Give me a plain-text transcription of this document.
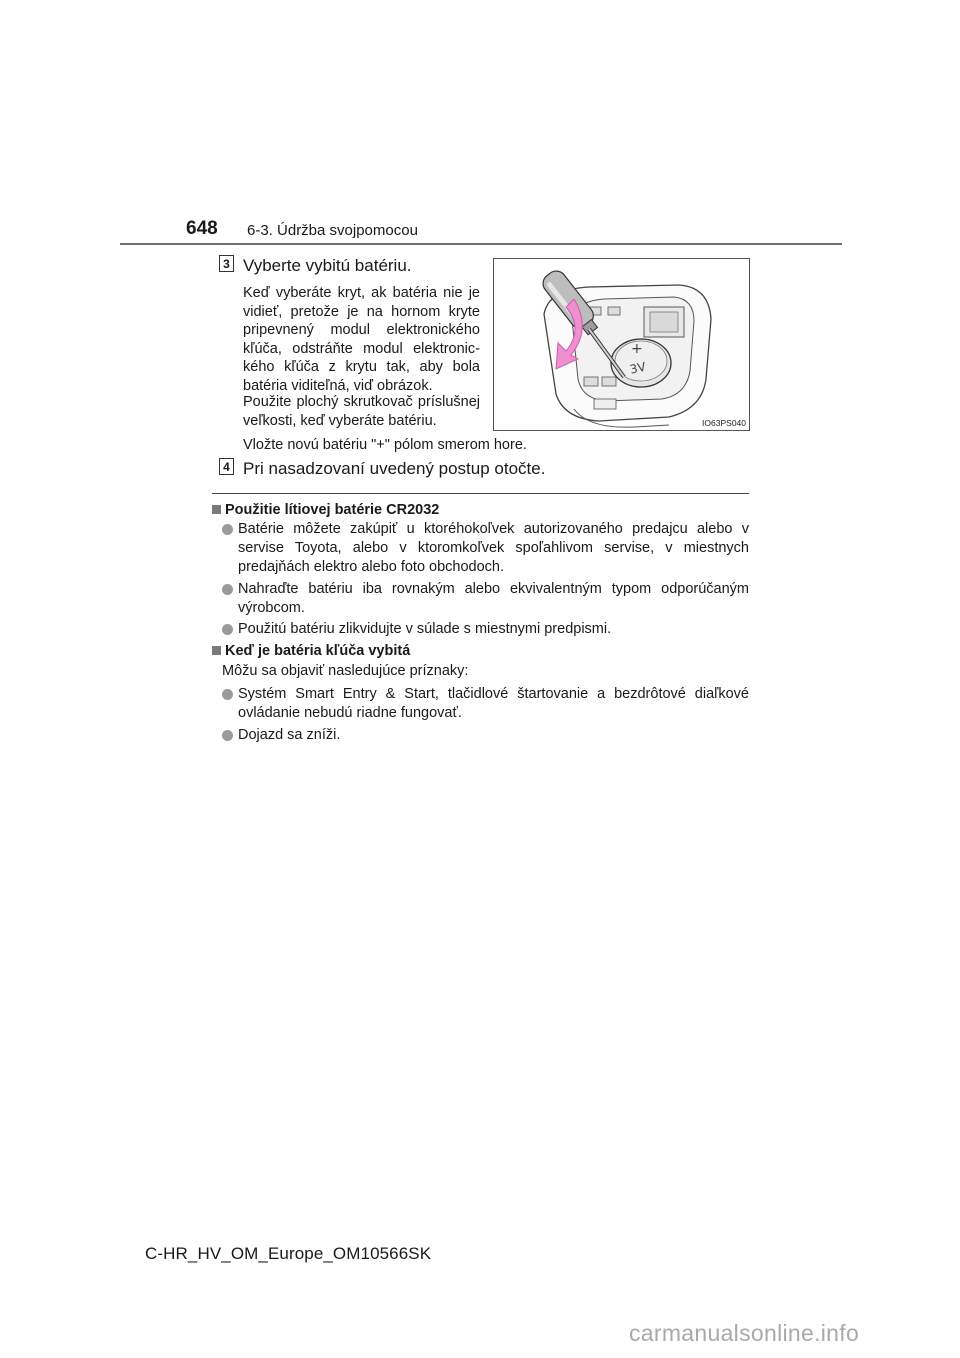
648 6-3. Údržba svojpomocou
3 Vyberte vybitú batériu.
Keď vyberáte kryt, ak batéria nie je vidieť, pretože je na hornom kryte pripevnený modul elektronického kľúča, odstráňte modul elektronického kľúča z krytu tak, aby bola batéria viditeľná, viď obrázok.
Použite plochý skrutkovač príslušnej veľkosti, keď vyberáte batériu.
Vložte novú batériu "+" pólom smerom hore.
+
3V
IO63PS040
4 Pri nasadzovaní uvedený postup otočte.
Použitie lítiovej batérie CR2032
Batérie môžete zakúpiť u ktoréhokoľvek autorizovaného predajcu alebo v servise Toyota, alebo v ktoromkoľvek spoľahlivom servise, v miestnych predajňách elektro alebo foto obchodoch.
Nahraďte batériu iba rovnakým alebo ekvivalentným typom odporúčaným výrobcom.
Použitú batériu zlikvidujte v súlade s miestnymi predpismi.
Keď je batéria kľúča vybitá
Môžu sa objaviť nasledujúce príznaky:
Systém Smart Entry & Start, tlačidlové štartovanie a bezdrôtové diaľkové ovládanie nebudú riadne fungovať.
Dojazd sa zníži.
C-HR_HV_OM_Europe_OM10566SK
carmanualsonline.info
